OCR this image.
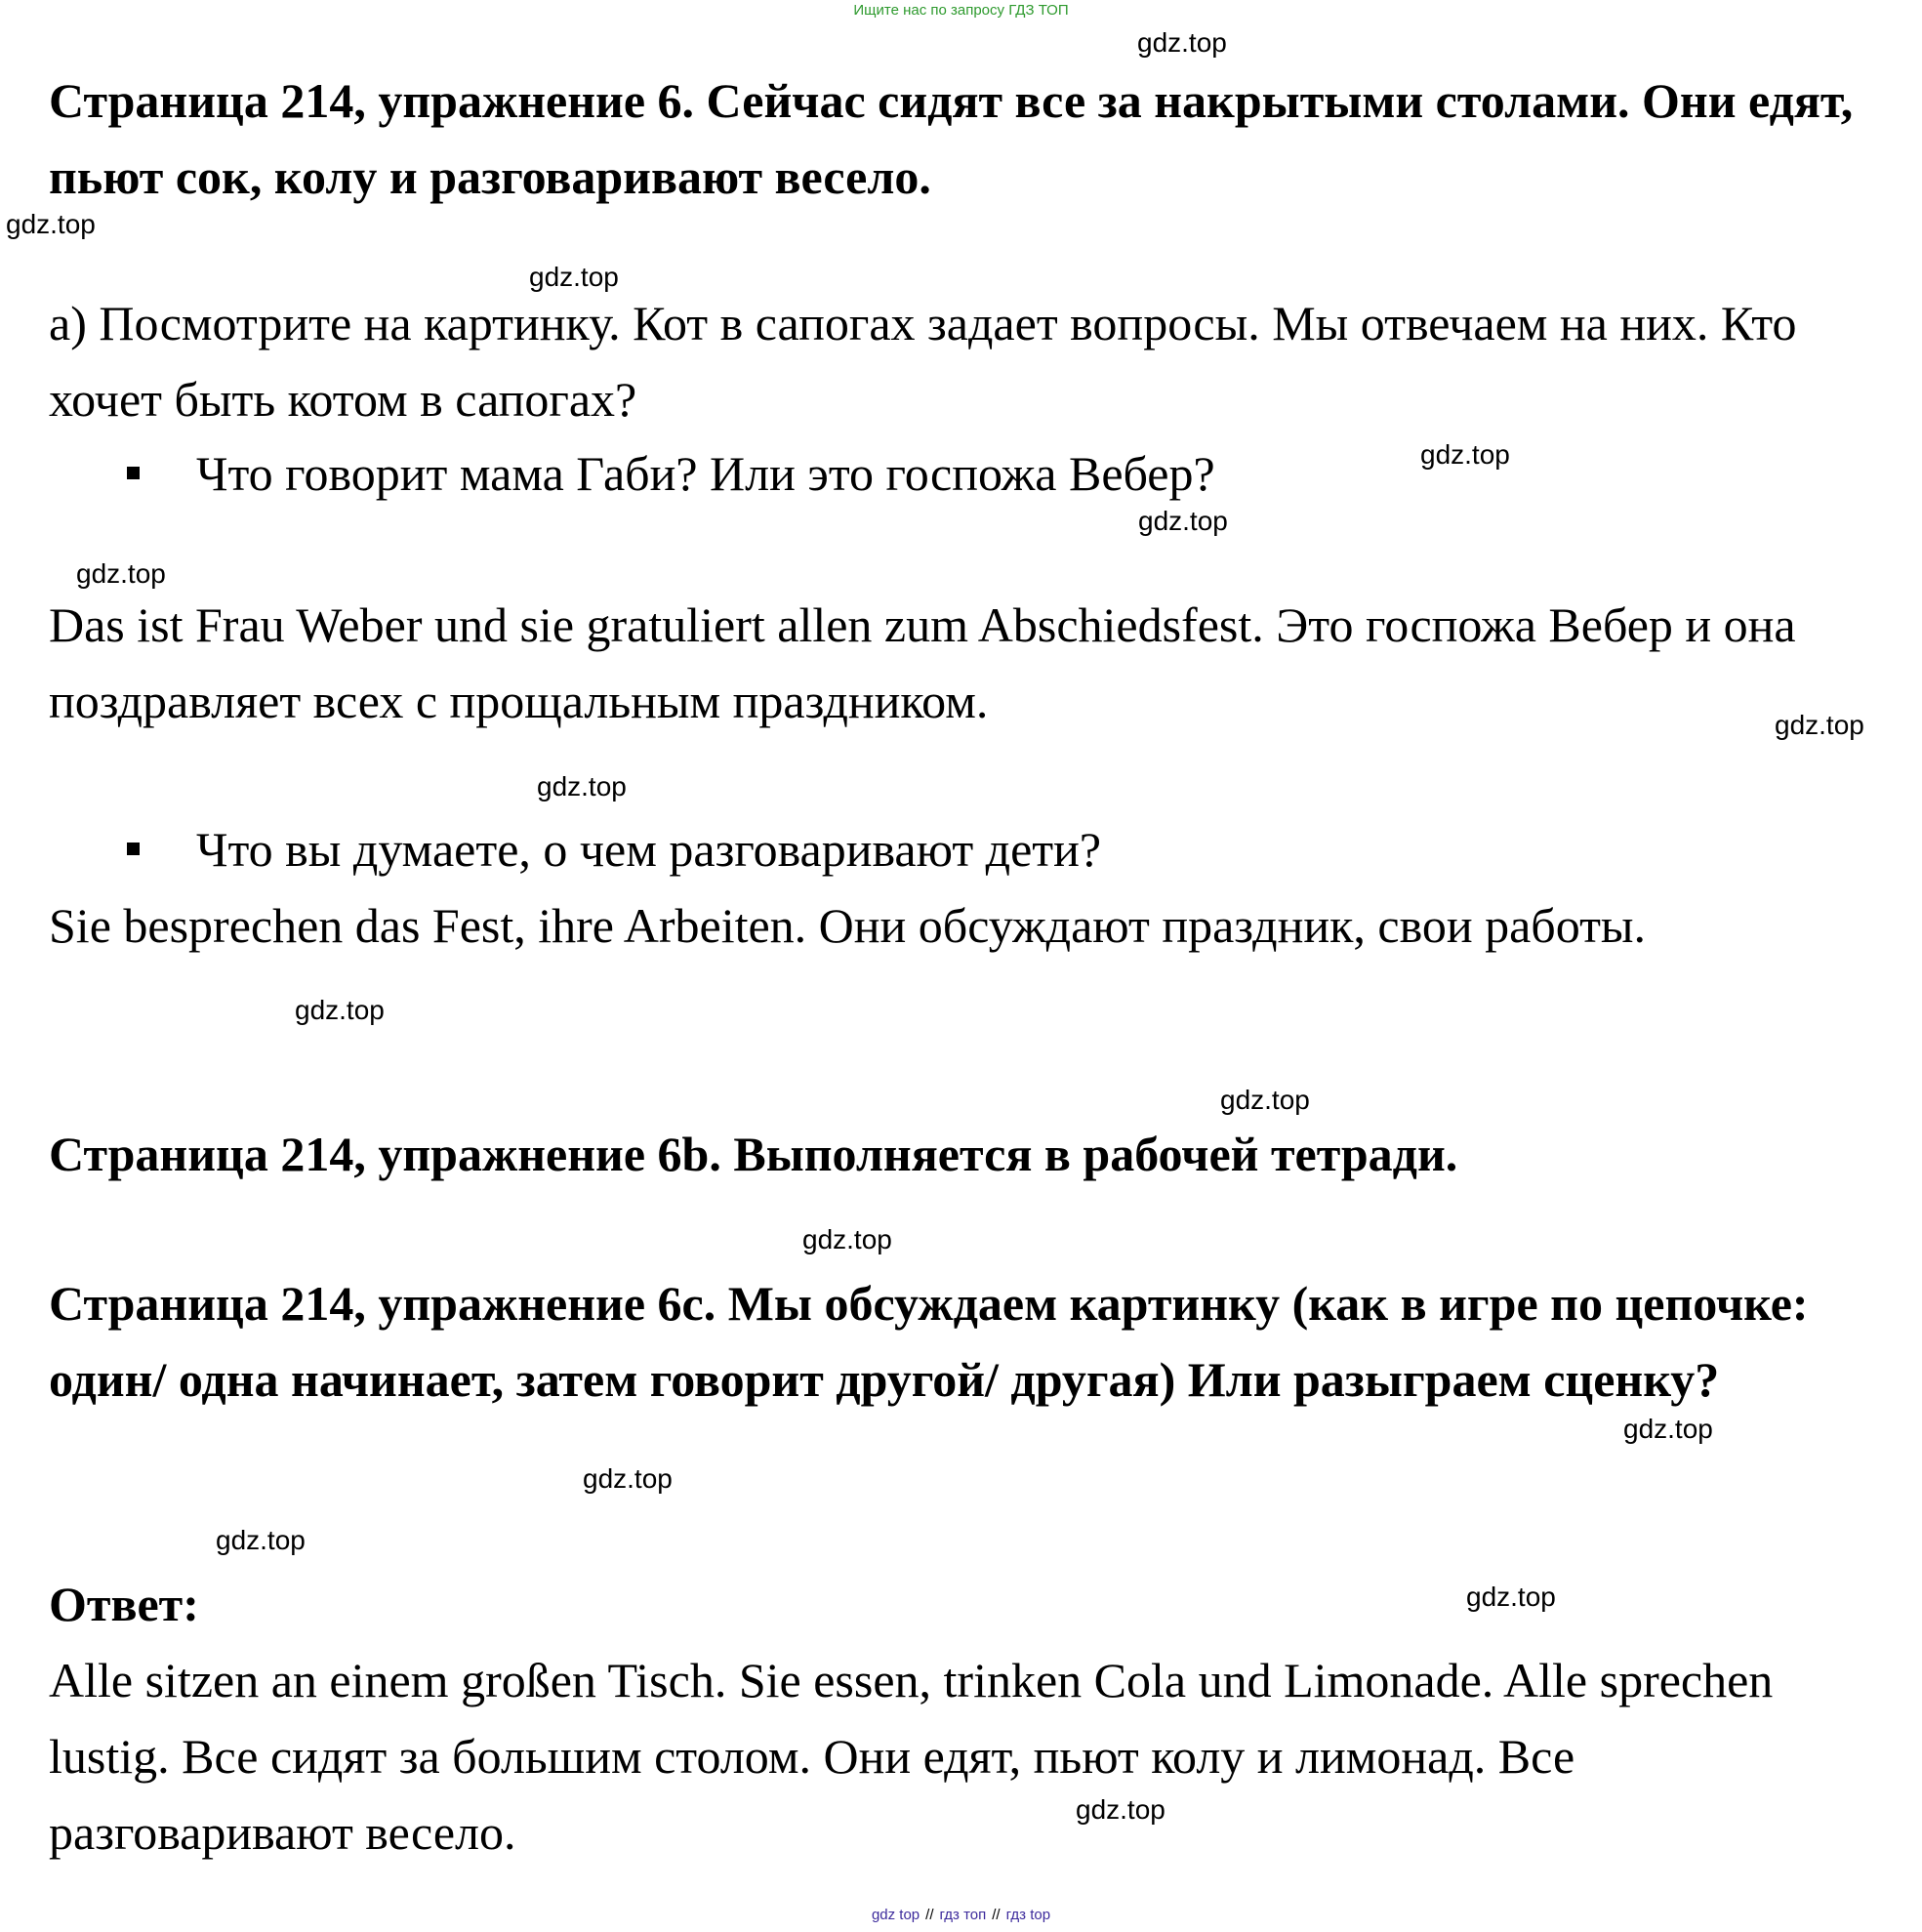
Ищите нас по запросу ГДЗ ТОП

Страница 214, упражнение 6. Сейчас сидят все за накрытыми столами. Они едят, пьют сок, колу и разговаривают весело.

а) Посмотрите на картинку. Кот в сапогах задает вопросы. Мы отвечаем на них. Кто хочет быть котом в сапогах?

Что говорит мама Габи? Или это госпожа Вебер?

Das ist Frau Weber und sie gratuliert allen zum Abschiedsfest. Это госпожа Вебер и она поздравляет всех с прощальным праздником.

Что вы думаете, о чем разговаривают дети?

Sie besprechen das Fest, ihre Arbeiten. Они обсуждают праздник, свои работы.

Страница 214, упражнение 6b. Выполняется в рабочей тетради.

Страница 214, упражнение 6c. Мы обсуждаем картинку (как в игре по цепочке: один/ одна начинает, затем говорит другой/ другая) Или разыграем сценку?

Ответ:

Alle sitzen an einem großen Tisch. Sie essen, trinken Cola und Limonade. Alle sprechen lustig. Все сидят за большим столом. Они едят, пьют колу и лимонад. Все разговаривают весело.

gdz.top
gdz.top
gdz.top
gdz.top
gdz.top
gdz.top
gdz.top
gdz.top
gdz.top
gdz.top
gdz.top
gdz.top
gdz.top
gdz.top
gdz.top
gdz.top
gdz top // гдз топ // гдз top
